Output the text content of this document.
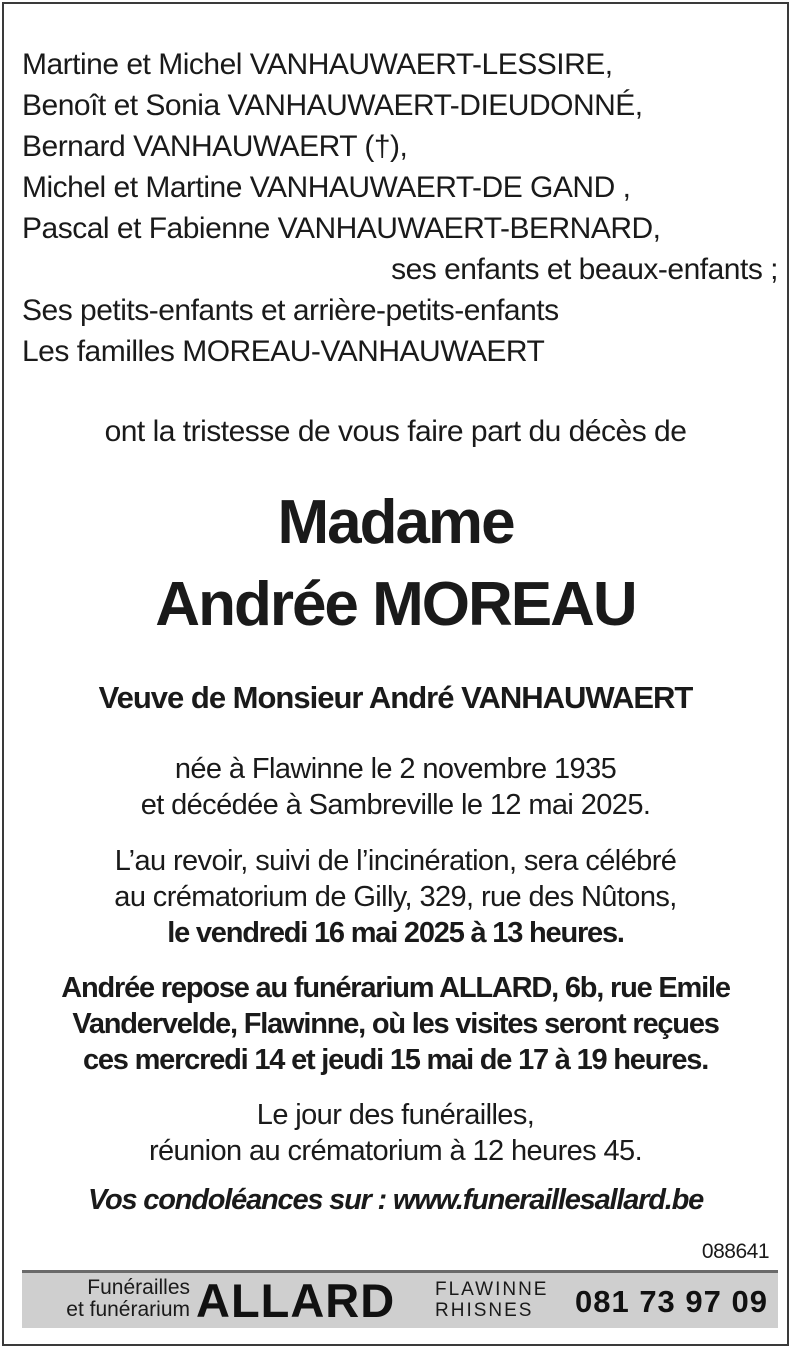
Martine et Michel VANHAUWAERT-LESSIRE,
Benoît et Sonia VANHAUWAERT-DIEUDONNÉ,
Bernard VANHAUWAERT (†),
Michel et Martine VANHAUWAERT-DE GAND ,
Pascal et Fabienne VANHAUWAERT-BERNARD,
ses enfants et beaux-enfants ;
Ses petits-enfants et arrière-petits-enfants
Les familles MOREAU-VANHAUWAERT
ont la tristesse de vous faire part du décès de
Madame
Andrée MOREAU
Veuve de Monsieur André VANHAUWAERT
née à Flawinne le 2 novembre 1935
et décédée à Sambreville le 12 mai 2025.
L’au revoir, suivi de l’incinération, sera célébré
au crématorium de Gilly, 329, rue des Nûtons,
le vendredi 16 mai 2025 à 13 heures.
Andrée repose au funérarium ALLARD, 6b, rue Emile
Vandervelde, Flawinne, où les visites seront reçues
ces mercredi 14 et jeudi 15 mai de 17 à 19 heures.
Le jour des funérailles,
réunion au crématorium à 12 heures 45.
Vos condoléances sur : www.funeraillesallard.be
088641
Funérailles
et funérarium ALLARD FLAWINNE
RHISNES	081 73 97 09
